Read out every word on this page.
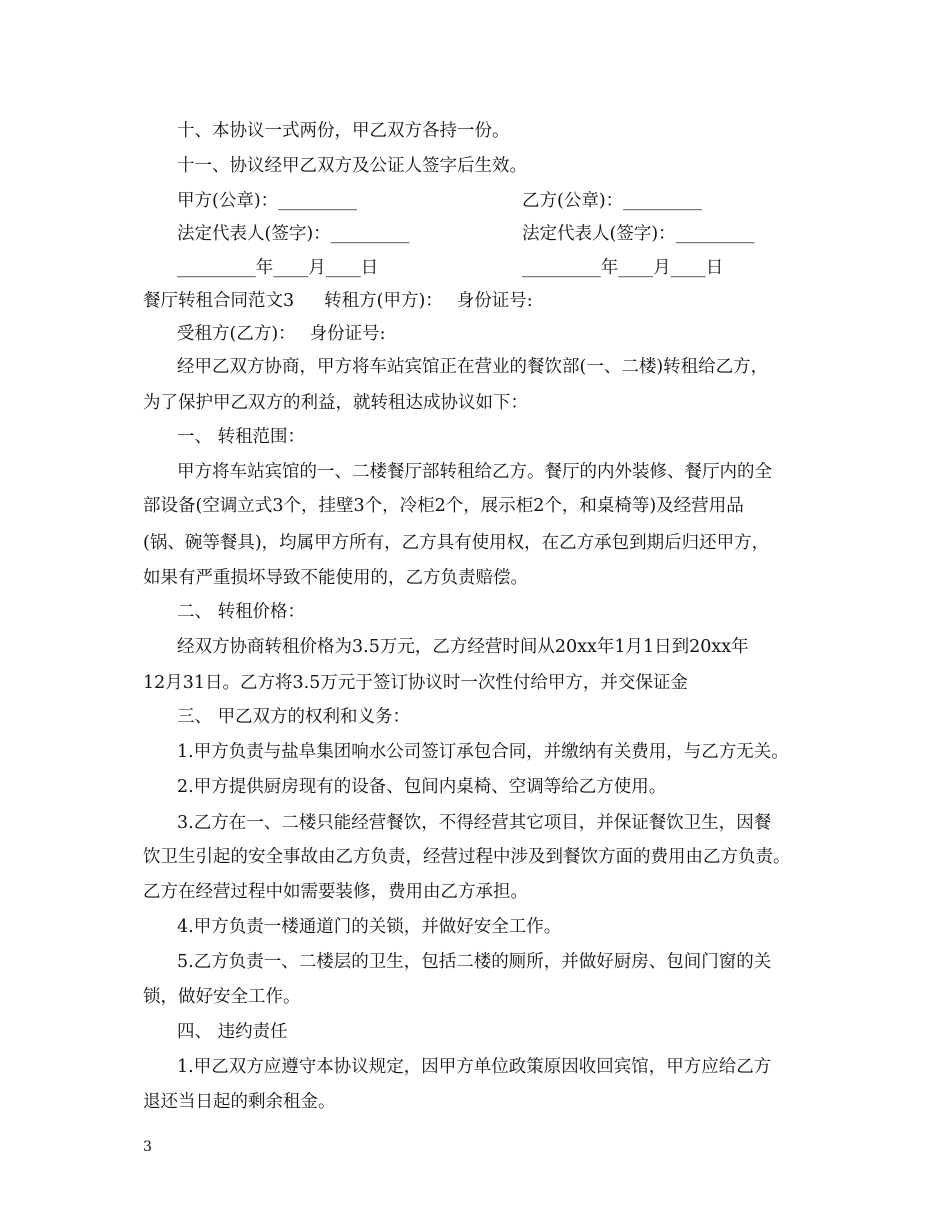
十、本协议一式两份，甲乙双方各持一份。
十一、协议经甲乙双方及公证人签字后生效。
甲方(公章)：_________	乙方(公章)：_________
法定代表人(签字)：_________	法定代表人(签字)：_________
_________年____月____日	_________年____月____日
餐厅转租合同范文3 转租方(甲方)： 身份证号:
受租方(乙方)： 身份证号:
经甲乙双方协商，甲方将车站宾馆正在营业的餐饮部(一、二楼)转租给乙方，
为了保护甲乙双方的利益，就转租达成协议如下：
一、 转租范围：
甲方将车站宾馆的一、二楼餐厅部转租给乙方。餐厅的内外装修、餐厅内的全
部设备(空调立式3个，挂壁3个，冷柜2个，展示柜2个，和桌椅等)及经营用品
(锅、碗等餐具)，均属甲方所有，乙方具有使用权，在乙方承包到期后归还甲方，
如果有严重损坏导致不能使用的，乙方负责赔偿。
二、 转租价格：
经双方协商转租价格为3.5万元，乙方经营时间从20xx年1月1日到20xx年
12月31日。乙方将3.5万元于签订协议时一次性付给甲方，并交保证金
三、 甲乙双方的权利和义务：
1.甲方负责与盐阜集团响水公司签订承包合同，并缴纳有关费用，与乙方无关。
2.甲方提供厨房现有的设备、包间内桌椅、空调等给乙方使用。
3.乙方在一、二楼只能经营餐饮，不得经营其它项目，并保证餐饮卫生，因餐
饮卫生引起的安全事故由乙方负责，经营过程中涉及到餐饮方面的费用由乙方负责。
乙方在经营过程中如需要装修，费用由乙方承担。
4.甲方负责一楼通道门的关锁，并做好安全工作。
5.乙方负责一、二楼层的卫生，包括二楼的厕所，并做好厨房、包间门窗的关
锁，做好安全工作。
四、 违约责任
1.甲乙双方应遵守本协议规定，因甲方单位政策原因收回宾馆，甲方应给乙方
退还当日起的剩余租金。
3
